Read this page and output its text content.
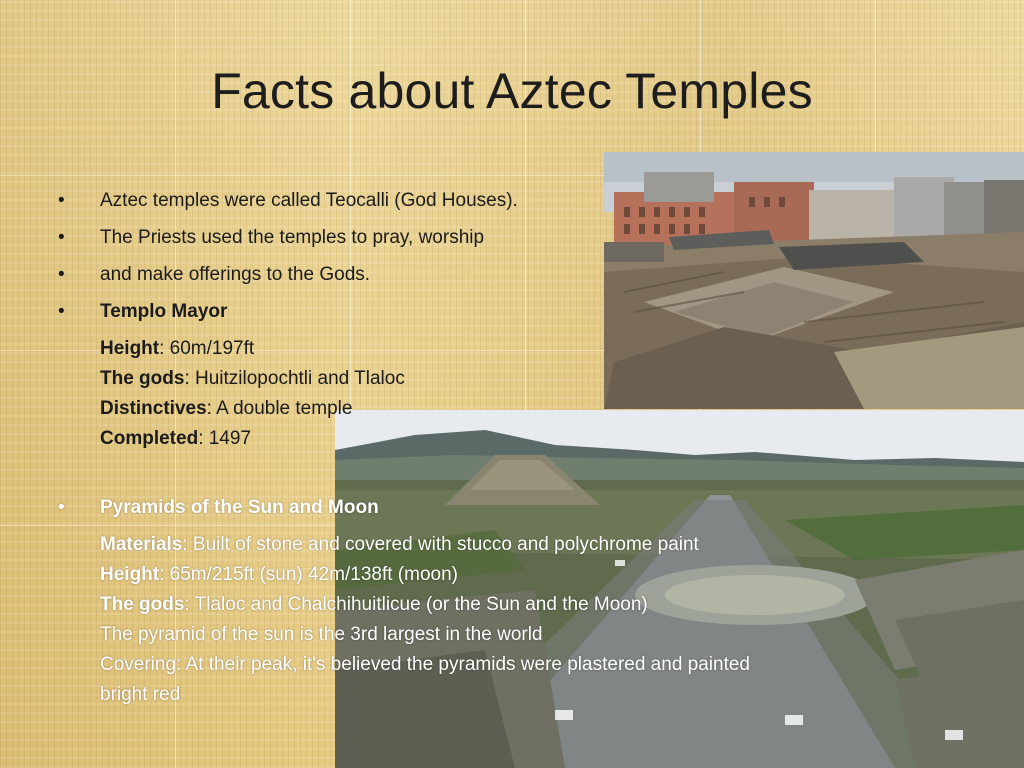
Facts about Aztec Temples
• Aztec temples were called Teocalli (God Houses).
• The Priests used the temples to pray, worship
• and make offerings to the Gods.
• Templo Mayor
Height: 60m/197ft
The gods: Huitzilopochtli and Tlaloc
Distinctives: A double temple
Completed: 1497
• Pyramids of the Sun and Moon
Materials: Built of stone and covered with stucco and polychrome paint
Height: 65m/215ft (sun) 42m/138ft (moon)
The gods: Tlaloc and Chalchihuitlicue (or the Sun and the Moon)
The pyramid of the sun is the 3rd largest in the world
Covering: At their peak, it's believed the pyramids were plastered and painted
bright red
